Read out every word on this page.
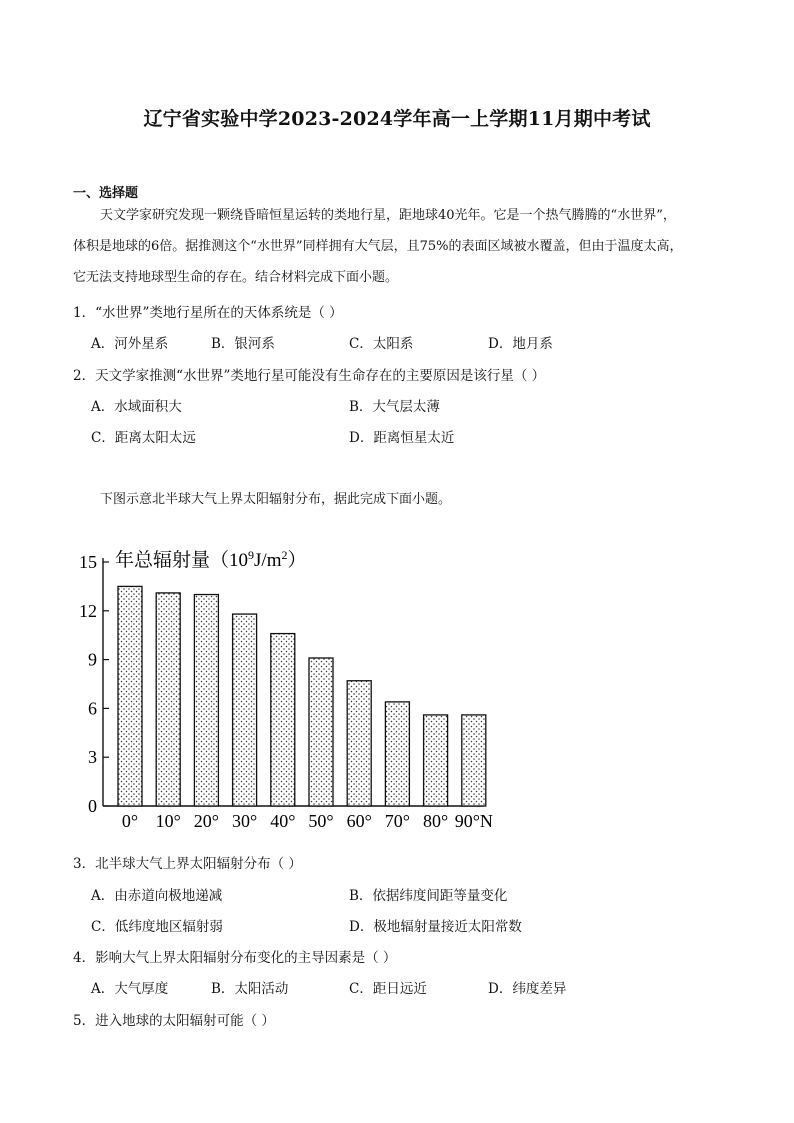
辽宁省实验中学2023-2024学年高一上学期11月期中考试
一、选择题
天文学家研究发现一颗绕昏暗恒星运转的类地行星，距地球40光年。它是一个热气腾腾的“水世界”，
体积是地球的6倍。据推测这个“水世界”同样拥有大气层，且75%的表面区域被水覆盖，但由于温度太高，
它无法支持地球型生命的存在。结合材料完成下面小题。
1．“水世界”类地行星所在的天体系统是（ ）
A．河外星系	B．银河系	C．太阳系	D．地月系
2．天文学家推测“水世界”类地行星可能没有生命存在的主要原因是该行星（ ）
A．水域面积大	B．大气层太薄
C．距离太阳太远	D．距离恒星太近
下图示意北半球大气上界太阳辐射分布，据此完成下面小题。
0
3
6
9
12
15
0° 10° 20° 30° 40° 50° 60° 70° 80° 90°N
年总辐射量$(10^9J/m^2)$
3．北半球大气上界太阳辐射分布（ ）
A．由赤道向极地递减	B．依据纬度间距等量变化
C．低纬度地区辐射弱	D．极地辐射量接近太阳常数
4．影响大气上界太阳辐射分布变化的主导因素是（ ）
A．大气厚度	B．太阳活动	C．距日远近	D．纬度差异
5．进入地球的太阳辐射可能（ ）
